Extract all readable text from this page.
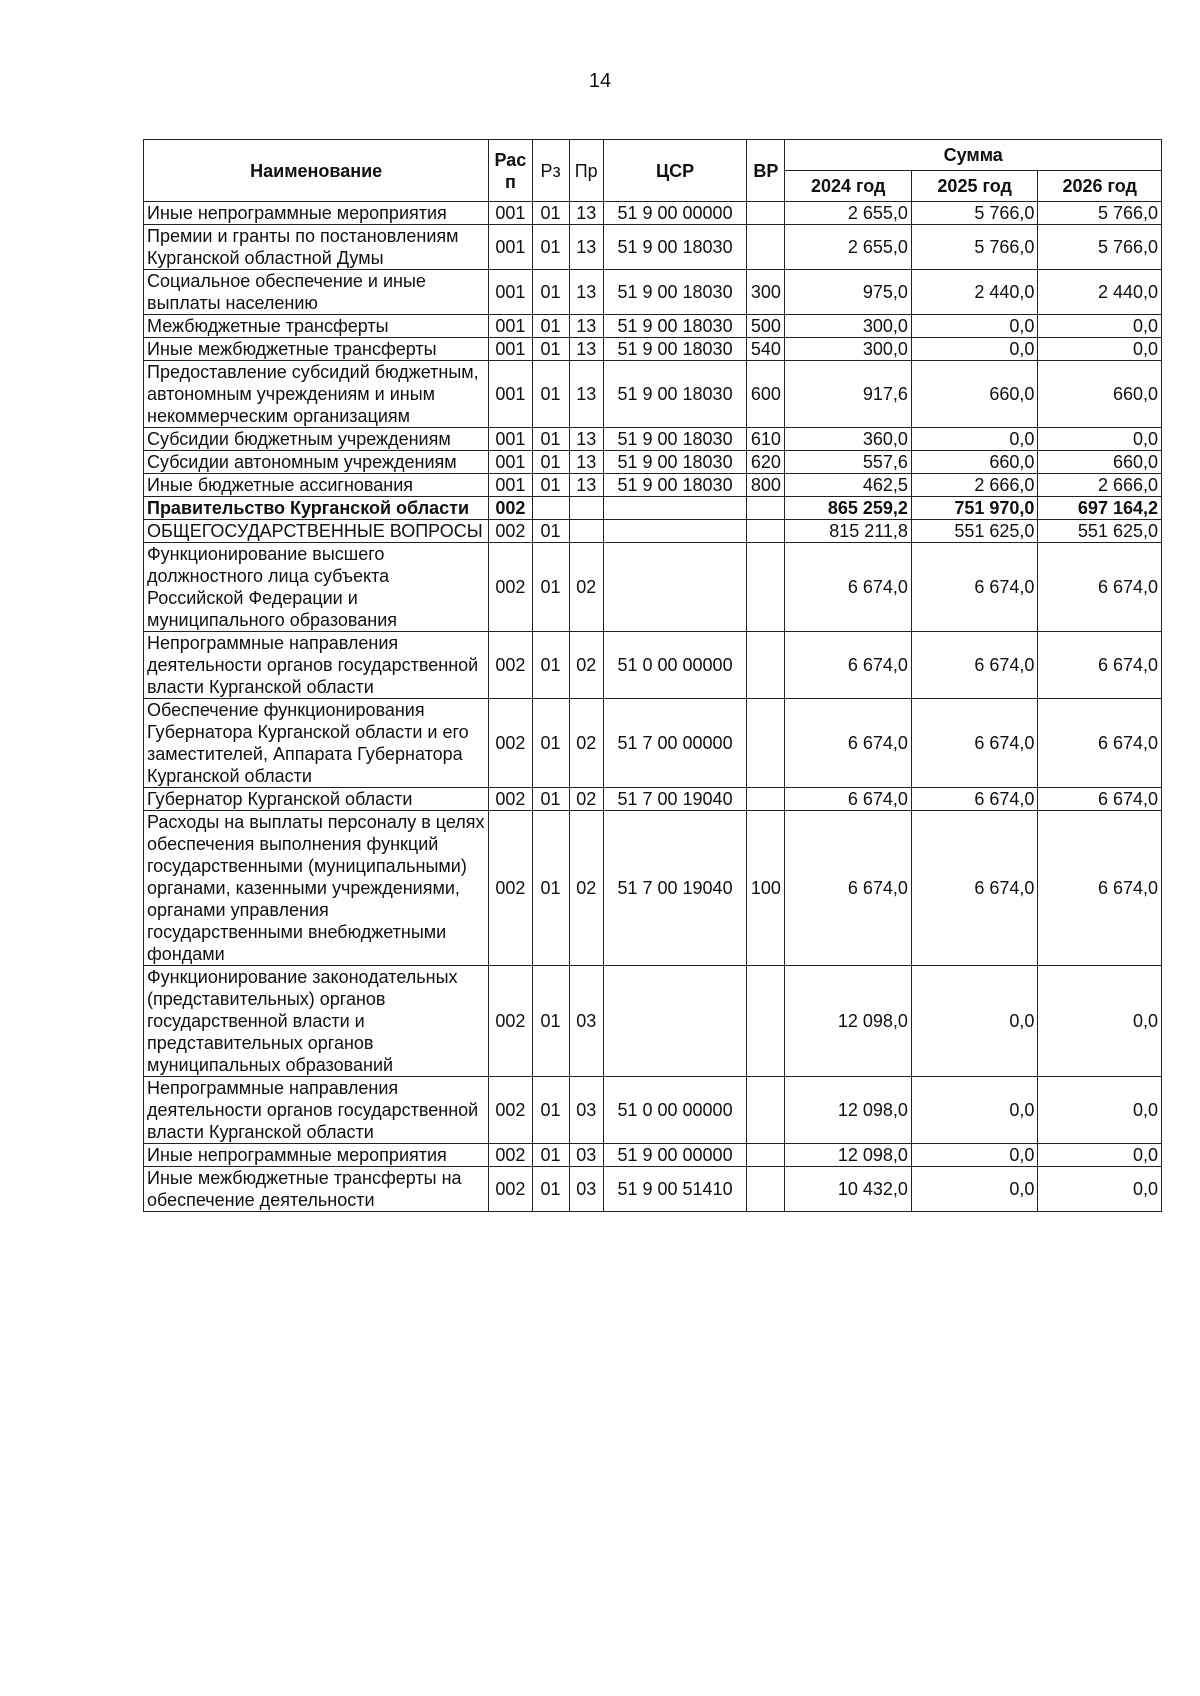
14
Наименование	Рас п	Рз	Пр	ЦСР	ВР	Сумма		
						2024 год	2025 год	2026 год
Иные непрограммные мероприятия	001	01	13	51 9 00 00000		2 655,0	5 766,0	5 766,0
Премии и гранты по постановлениям Курганской областной Думы	001	01	13	51 9 00 18030		2 655,0	5 766,0	5 766,0
Социальное обеспечение и иные выплаты населению	001	01	13	51 9 00 18030	300	975,0	2 440,0	2 440,0
Межбюджетные трансферты	001	01	13	51 9 00 18030	500	300,0	0,0	0,0
Иные межбюджетные трансферты	001	01	13	51 9 00 18030	540	300,0	0,0	0,0
Предоставление субсидий бюджетным, автономным учреждениям и иным некоммерческим организациям	001	01	13	51 9 00 18030	600	917,6	660,0	660,0
Субсидии бюджетным учреждениям	001	01	13	51 9 00 18030	610	360,0	0,0	0,0
Субсидии автономным учреждениям	001	01	13	51 9 00 18030	620	557,6	660,0	660,0
Иные бюджетные ассигнования	001	01	13	51 9 00 18030	800	462,5	2 666,0	2 666,0
Правительство Курганской области	002					865 259,2	751 970,0	697 164,2
ОБЩЕГОСУДАРСТВЕННЫЕ ВОПРОСЫ	002	01				815 211,8	551 625,0	551 625,0
Функционирование высшего должностного лица субъекта Российской Федерации и муниципального образования	002	01	02			6 674,0	6 674,0	6 674,0
Непрограммные направления деятельности органов государственной власти Курганской области	002	01	02	51 0 00 00000		6 674,0	6 674,0	6 674,0
Обеспечение функционирования Губернатора Курганской области и его заместителей, Аппарата Губернатора Курганской области	002	01	02	51 7 00 00000		6 674,0	6 674,0	6 674,0
Губернатор Курганской области	002	01	02	51 7 00 19040		6 674,0	6 674,0	6 674,0
Расходы на выплаты персоналу в целях обеспечения выполнения функций государственными (муниципальными) органами, казенными учреждениями, органами управления государственными внебюджетными фондами	002	01	02	51 7 00 19040	100	6 674,0	6 674,0	6 674,0
Функционирование законодательных (представительных) органов государственной власти и представительных органов муниципальных образований	002	01	03			12 098,0	0,0	0,0
Непрограммные направления деятельности органов государственной власти Курганской области	002	01	03	51 0 00 00000		12 098,0	0,0	0,0
Иные непрограммные мероприятия	002	01	03	51 9 00 00000		12 098,0	0,0	0,0
Иные межбюджетные трансферты на обеспечение деятельности	002	01	03	51 9 00 51410		10 432,0	0,0	0,0
